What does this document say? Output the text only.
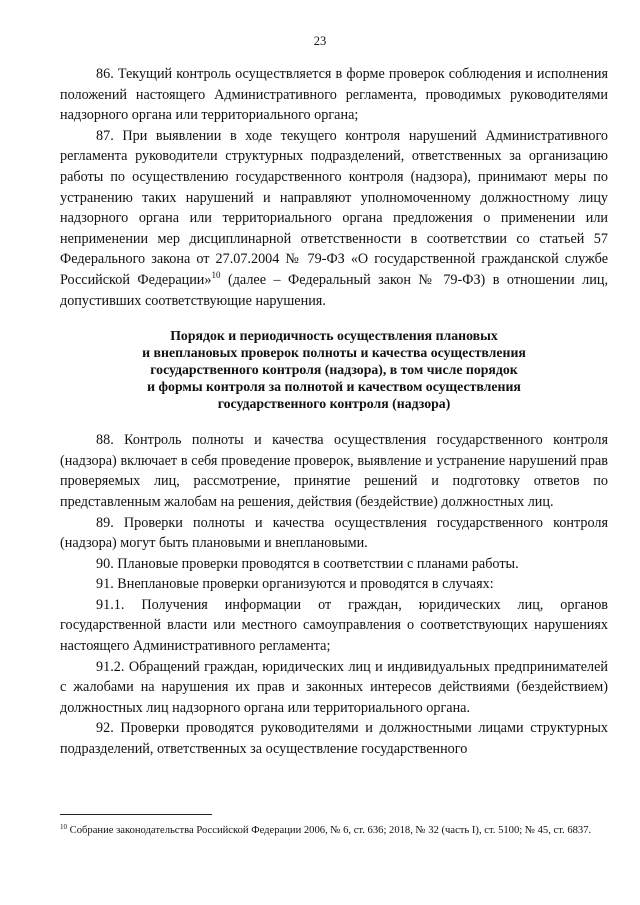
23

86. Текущий контроль осуществляется в форме проверок соблюдения и исполнения положений настоящего Административного регламента, проводимых руководителями надзорного органа или территориального органа;

87. При выявлении в ходе текущего контроля нарушений Административного регламента руководители структурных подразделений, ответственных за организацию работы по осуществлению государственного контроля (надзора), принимают меры по устранению таких нарушений и направляют уполномоченному должностному лицу надзорного органа или территориального органа предложения о применении или неприменении мер дисциплинарной ответственности в соответствии со статьей 57 Федерального закона от 27.07.2004 № 79-ФЗ «О государственной гражданской службе Российской Федерации»$^{10}$ (далее – Федеральный закон № 79-ФЗ) в отношении лиц, допустивших соответствующие нарушения.

Порядок и периодичность осуществления плановых
и внеплановых проверок полноты и качества осуществления
государственного контроля (надзора), в том числе порядок
и формы контроля за полнотой и качеством осуществления
государственного контроля (надзора)

88. Контроль полноты и качества осуществления государственного контроля (надзора) включает в себя проведение проверок, выявление и устранение нарушений прав проверяемых лиц, рассмотрение, принятие решений и подготовку ответов по представленным жалобам на решения, действия (бездействие) должностных лиц.

89. Проверки полноты и качества осуществления государственного контроля (надзора) могут быть плановыми и внеплановыми.

90. Плановые проверки проводятся в соответствии с планами работы.

91. Внеплановые проверки организуются и проводятся в случаях:

91.1. Получения информации от граждан, юридических лиц, органов государственной власти или местного самоуправления о соответствующих нарушениях настоящего Административного регламента;

91.2. Обращений граждан, юридических лиц и индивидуальных предпринимателей с жалобами на нарушения их прав и законных интересов действиями (бездействием) должностных лиц надзорного органа или территориального органа.

92. Проверки проводятся руководителями и должностными лицами структурных подразделений, ответственных за осуществление государственного

$^{10}$ Собрание законодательства Российской Федерации 2006, № 6, ст. 636; 2018, № 32 (часть I), ст. 5100; № 45, ст. 6837.
